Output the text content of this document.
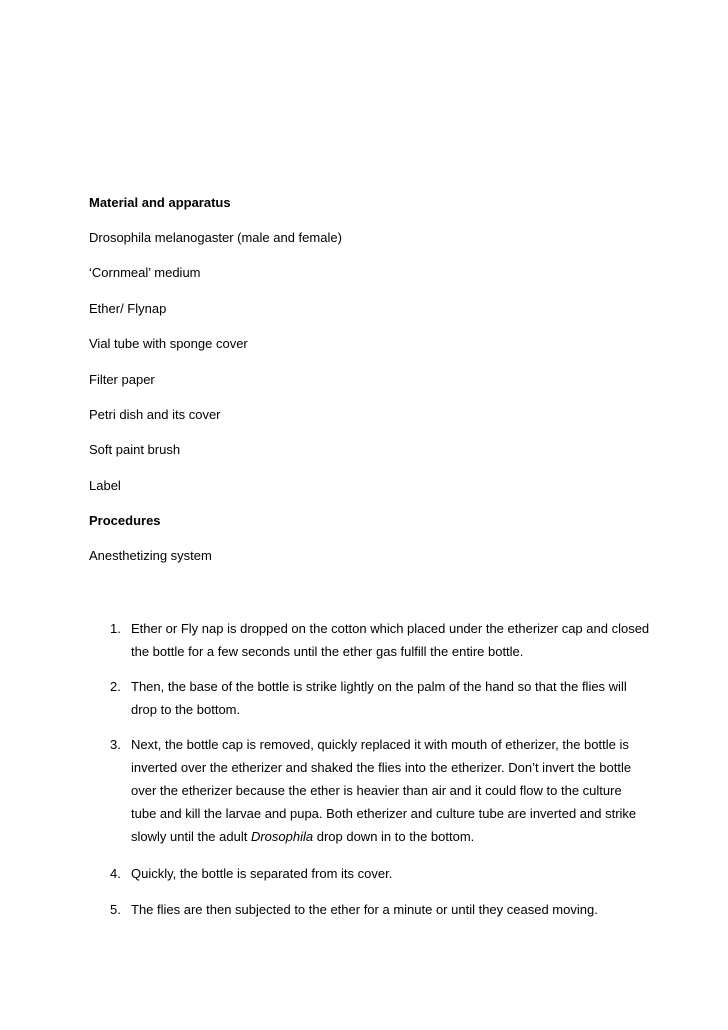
Material and apparatus

Drosophila melanogaster (male and female)

‘Cornmeal’ medium

Ether/ Flynap

Vial tube with sponge cover

Filter paper

Petri dish and its cover

Soft paint brush

Label

Procedures

Anesthetizing system

1. Ether or Fly nap is dropped on the cotton which placed under the etherizer cap and closed the bottle for a few seconds until the ether gas fulfill the entire bottle.

2. Then, the base of the bottle is strike lightly on the palm of the hand so that the flies will drop to the bottom.

3. Next, the bottle cap is removed, quickly replaced it with mouth of etherizer, the bottle is inverted over the etherizer and shaked the flies into the etherizer. Don’t invert the bottle over the etherizer because the ether is heavier than air and it could flow to the culture tube and kill the larvae and pupa. Both etherizer and culture tube are inverted and strike slowly until the adult Drosophila drop down in to the bottom.

4. Quickly, the bottle is separated from its cover.

5. The flies are then subjected to the ether for a minute or until they ceased moving.
